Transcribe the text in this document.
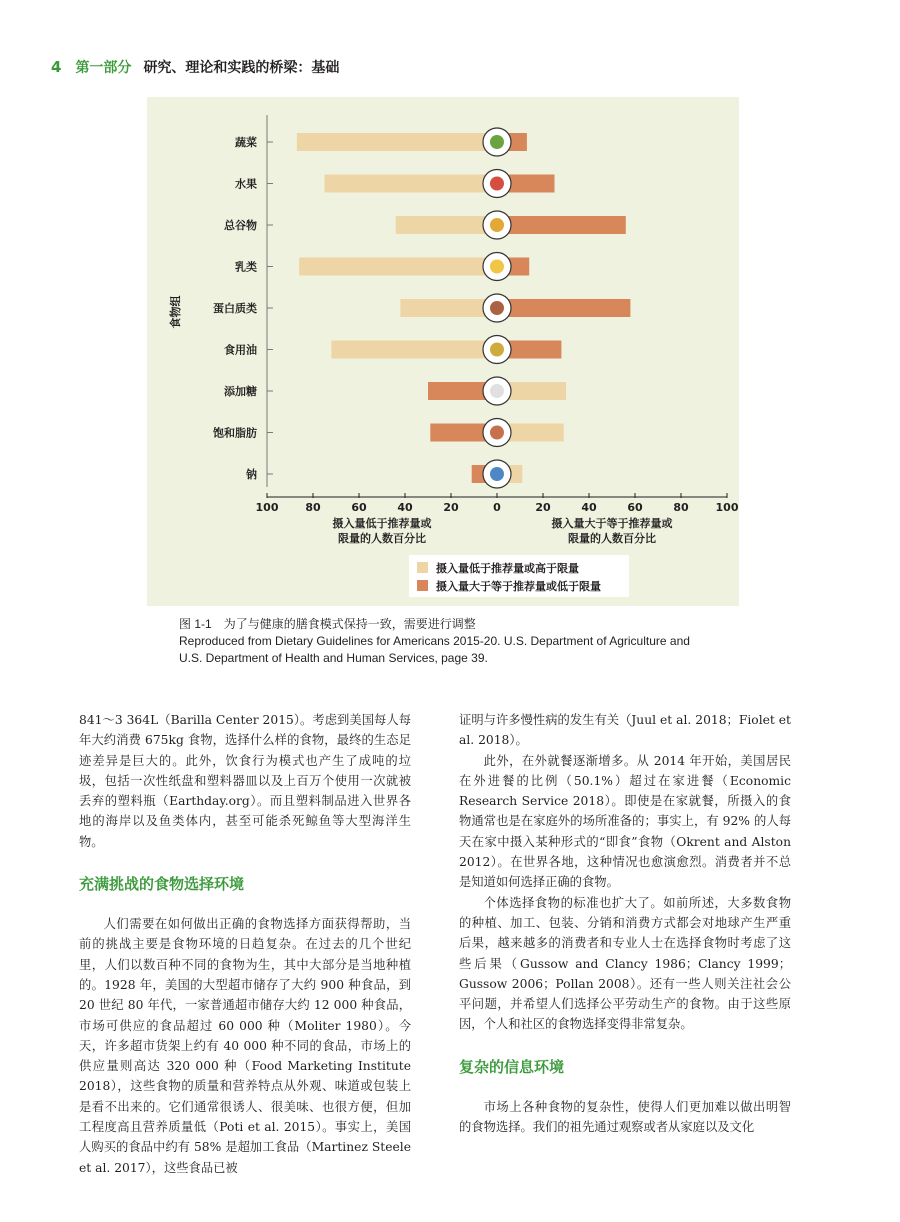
4 第一部分 研究、理论和实践的桥梁：基础
食物组
蔬菜
水果
总谷物
乳类
蛋白质类
食用油
添加糖
饱和脂肪
钠
100 80	60	40	20	0	20	40	60	80 100
摄入量低于推荐量或
限量的人数百分比
摄入量大于等于推荐量或
限量的人数百分比
摄入量低于推荐量或高于限量
摄入量大于等于推荐量或低于限量
图 1-1 为了与健康的膳食模式保持一致，需要进行调整
Reproduced from Dietary Guidelines for Americans 2015-20. U.S. Department of Agriculture and
U.S. Department of Health and Human Services, page 39.

841～3 364L（Barilla Center 2015）。考虑到美国每人每年大约消费 675kg 食物，选择什么样的食物，最终的生态足迹差异是巨大的。此外，饮食行为模式也产生了成吨的垃圾，包括一次性纸盘和塑料器皿以及上百万个使用一次就被丢弃的塑料瓶（Earthday.org）。而且塑料制品进入世界各地的海岸以及鱼类体内，甚至可能杀死鲸鱼等大型海洋生物。

充满挑战的食物选择环境

人们需要在如何做出正确的食物选择方面获得帮助，当前的挑战主要是食物环境的日趋复杂。在过去的几个世纪里，人们以数百种不同的食物为生，其中大部分是当地种植的。1928 年，美国的大型超市储存了大约 900 种食品，到 20 世纪 80 年代，一家普通超市储存大约 12 000 种食品，市场可供应的食品超过 60 000 种（Moliter 1980）。今天，许多超市货架上约有 40 000 种不同的食品，市场上的供应量则高达 320 000 种（Food Marketing Institute 2018），这些食物的质量和营养特点从外观、味道或包装上是看不出来的。它们通常很诱人、很美味、也很方便，但加工程度高且营养质量低（Poti et al. 2015）。事实上，美国人购买的食品中约有 58% 是超加工食品（Martinez Steele et al. 2017），这些食品已被

证明与许多慢性病的发生有关（Juul et al. 2018；Fiolet et al. 2018）。

此外，在外就餐逐渐增多。从 2014 年开始，美国居民在外进餐的比例（50.1%）超过在家进餐（Economic Research Service 2018）。即使是在家就餐，所摄入的食物通常也是在家庭外的场所准备的；事实上，有 92% 的人每天在家中摄入某种形式的“即食”食物（Okrent and Alston 2012）。在世界各地，这种情况也愈演愈烈。消费者并不总是知道如何选择正确的食物。

个体选择食物的标准也扩大了。如前所述，大多数食物的种植、加工、包装、分销和消费方式都会对地球产生严重后果，越来越多的消费者和专业人士在选择食物时考虑了这些后果（Gussow and Clancy 1986；Clancy 1999；Gussow 2006；Pollan 2008）。还有一些人则关注社会公平问题，并希望人们选择公平劳动生产的食物。由于这些原因，个人和社区的食物选择变得非常复杂。

复杂的信息环境

市场上各种食物的复杂性，使得人们更加难以做出明智的食物选择。我们的祖先通过观察或者从家庭以及文化
